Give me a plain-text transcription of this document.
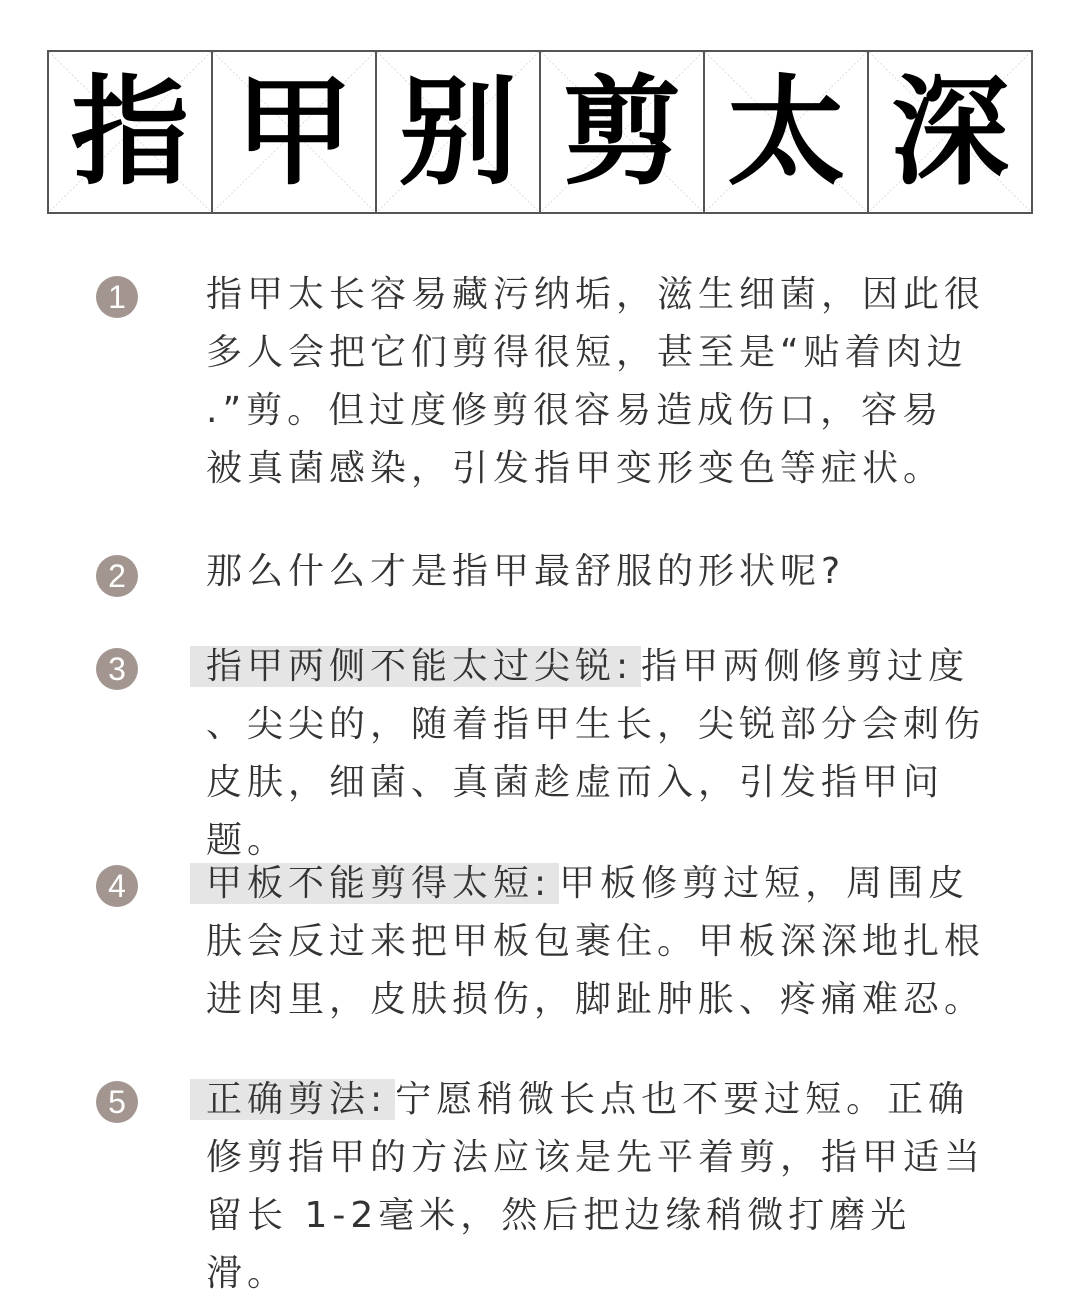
指 甲 别 剪 太 深
1	指甲太长容易藏污纳垢，滋生细菌，因此很
多人会把它们剪得很短，甚至是“贴着肉边
.”剪。但过度修剪很容易造成伤口，容易
被真菌感染，引发指甲变形变色等症状。
2	那么什么才是指甲最舒服的形状呢?
3	指甲两侧不能太过尖锐: 指甲两侧修剪过度
、尖尖的，随着指甲生长，尖锐部分会刺伤
皮肤，细菌、真菌趁虚而入，引发指甲问题。
4	甲板不能剪得太短: 甲板修剪过短，周围皮
肤会反过来把甲板包裹住。甲板深深地扎根
进肉里，皮肤损伤，脚趾肿胀、疼痛难忍。
5	正确剪法: 宁愿稍微长点也不要过短。正确
修剪指甲的方法应该是先平着剪，指甲适当
留长 1-2毫米，然后把边缘稍微打磨光滑。
